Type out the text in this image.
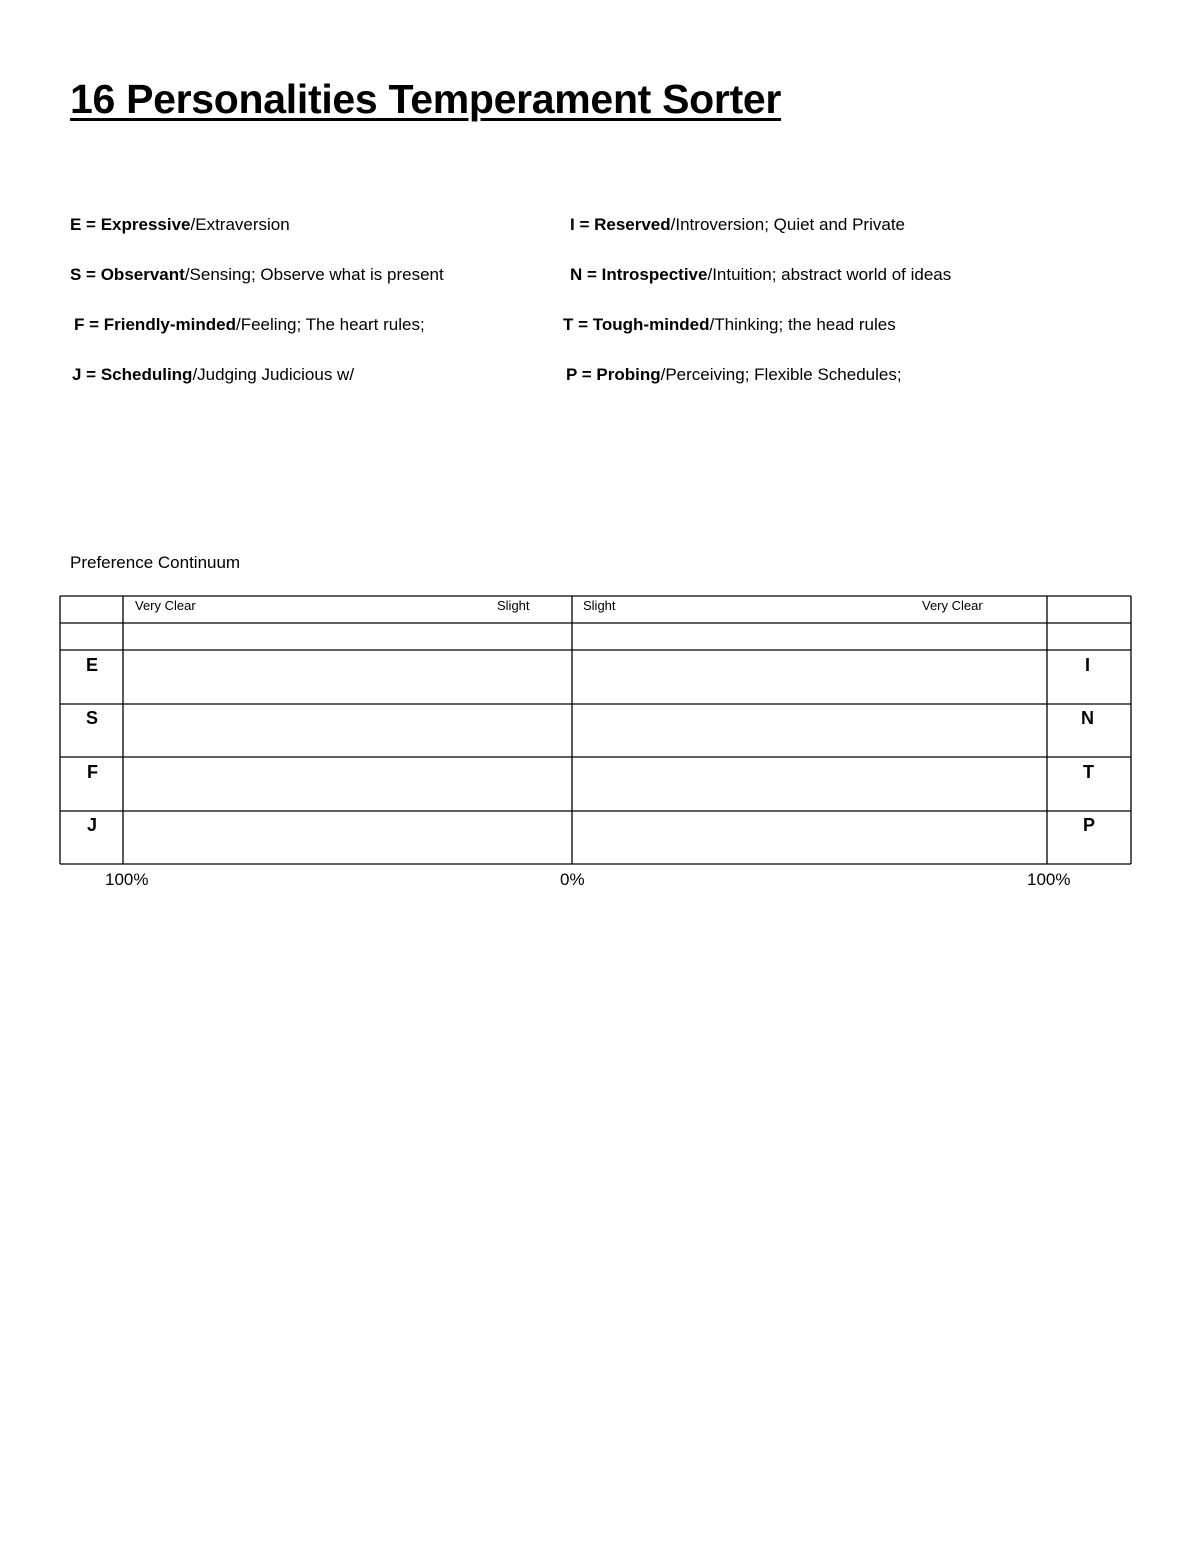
16 Personalities Temperament Sorter
E = Expressive/Extraversion
S = Observant/Sensing; Observe what is present
F = Friendly-minded/Feeling; The heart rules;
J = Scheduling/Judging Judicious w/
I = Reserved/Introversion; Quiet and Private
N = Introspective/Intuition; abstract world of ideas
T = Tough-minded/Thinking; the head rules
P = Probing/Perceiving; Flexible Schedules;
Preference Continuum
Very Clear	Slight	Slight	Very Clear
E	I
S	N
F	T
J	P
100%	0%	100%
